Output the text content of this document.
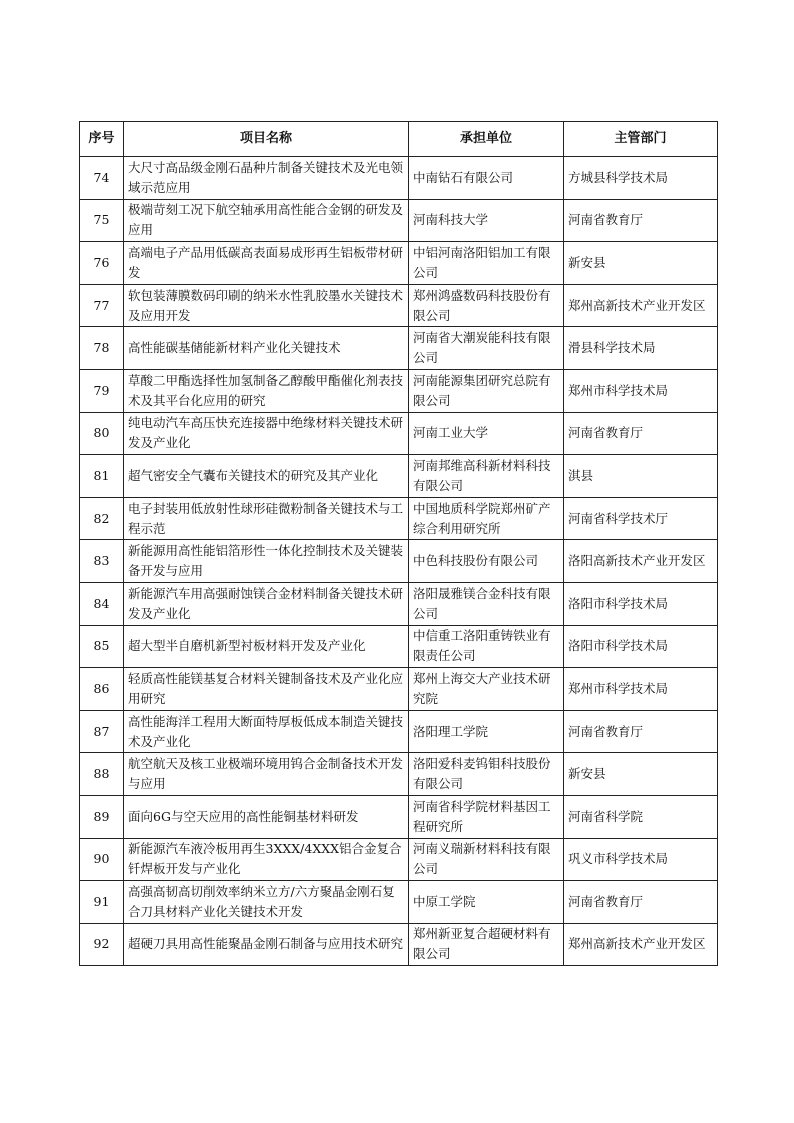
序号	项目名称	承担单位	主管部门
74	大尺寸高品级金刚石晶种片制备关键技术及光电领域示范应用	中南钻石有限公司	方城县科学技术局
75	极端苛刻工况下航空轴承用高性能合金钢的研发及应用	河南科技大学	河南省教育厅
76	高端电子产品用低碳高表面易成形再生铝板带材研发	中铝河南洛阳铝加工有限公司	新安县
77	软包装薄膜数码印刷的纳米水性乳胶墨水关键技术及应用开发	郑州鸿盛数码科技股份有限公司	郑州高新技术产业开发区
78	高性能碳基储能新材料产业化关键技术	河南省大潮炭能科技有限公司	滑县科学技术局
79	草酸二甲酯选择性加氢制备乙醇酸甲酯催化剂表技术及其平台化应用的研究	河南能源集团研究总院有限公司	郑州市科学技术局
80	纯电动汽车高压快充连接器中绝缘材料关键技术研发及产业化	河南工业大学	河南省教育厅
81	超气密安全气囊布关键技术的研究及其产业化	河南邦维高科新材料科技有限公司	淇县
82	电子封装用低放射性球形硅微粉制备关键技术与工程示范	中国地质科学院郑州矿产综合利用研究所	河南省科学技术厅
83	新能源用高性能铝箔形性一体化控制技术及关键装备开发与应用	中色科技股份有限公司	洛阳高新技术产业开发区
84	新能源汽车用高强耐蚀镁合金材料制备关键技术研发及产业化	洛阳晟雅镁合金科技有限公司	洛阳市科学技术局
85	超大型半自磨机新型衬板材料开发及产业化	中信重工洛阳重铸铁业有限责任公司	洛阳市科学技术局
86	轻质高性能镁基复合材料关键制备技术及产业化应用研究	郑州上海交大产业技术研究院	郑州市科学技术局
87	高性能海洋工程用大断面特厚板低成本制造关键技术及产业化	洛阳理工学院	河南省教育厅
88	航空航天及核工业极端环境用钨合金制备技术开发与应用	洛阳爱科麦钨钼科技股份有限公司	新安县
89	面向6G与空天应用的高性能铜基材料研发	河南省科学院材料基因工程研究所	河南省科学院
90	新能源汽车液冷板用再生3XXX/4XXX铝合金复合钎焊板开发与产业化	河南义瑞新材料科技有限公司	巩义市科学技术局
91	高强高韧高切削效率纳米立方/六方聚晶金刚石复合刀具材料产业化关键技术开发	中原工学院	河南省教育厅
92	超硬刀具用高性能聚晶金刚石制备与应用技术研究	郑州新亚复合超硬材料有限公司	郑州高新技术产业开发区
